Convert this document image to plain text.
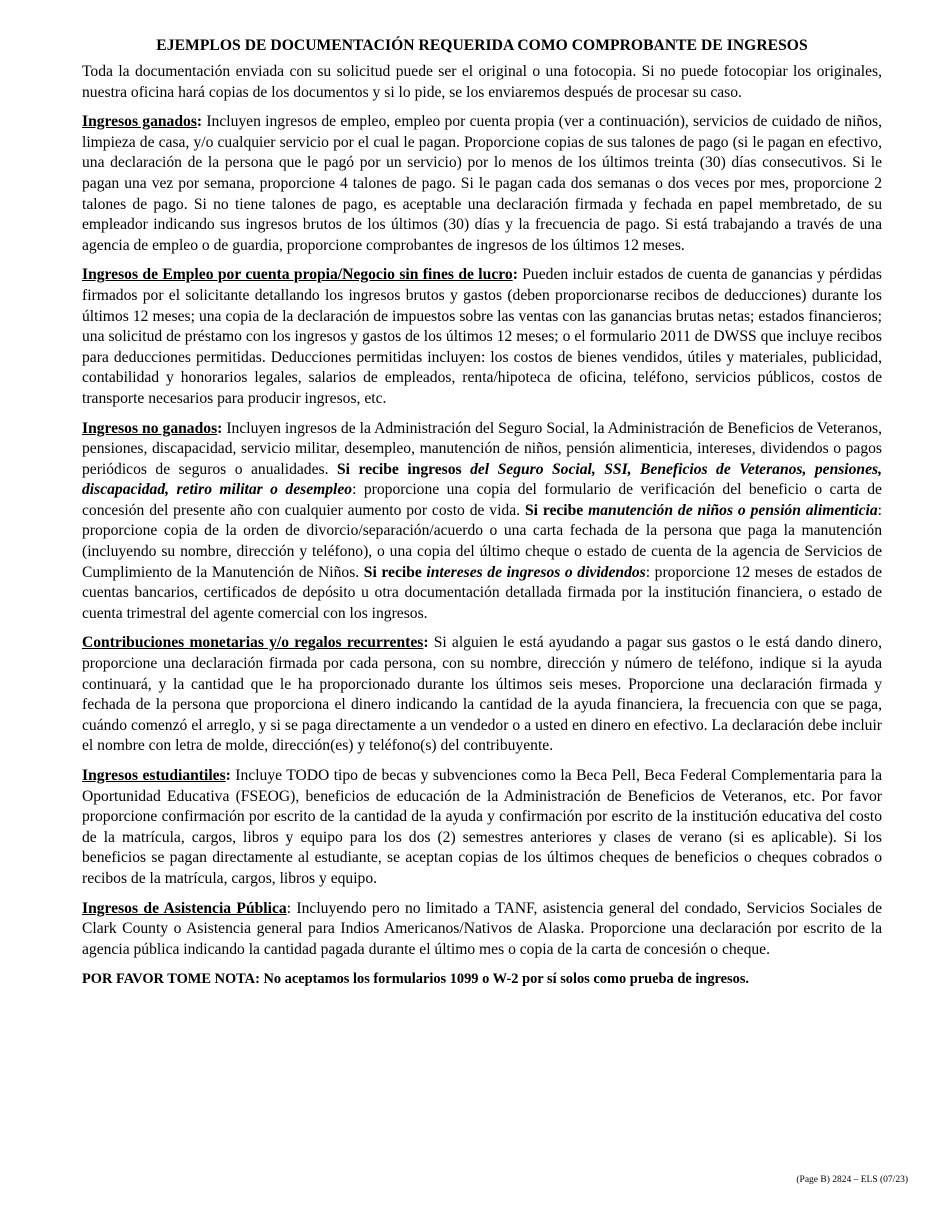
EJEMPLOS DE DOCUMENTACIÓN REQUERIDA COMO COMPROBANTE DE INGRESOS

Toda la documentación enviada con su solicitud puede ser el original o una fotocopia. Si no puede fotocopiar los originales, nuestra oficina hará copias de los documentos y si lo pide, se los enviaremos después de procesar su caso.

Ingresos ganados: Incluyen ingresos de empleo, empleo por cuenta propia (ver a continuación), servicios de cuidado de niños, limpieza de casa, y/o cualquier servicio por el cual le pagan. Proporcione copias de sus talones de pago (si le pagan en efectivo, una declaración de la persona que le pagó por un servicio) por lo menos de los últimos treinta (30) días consecutivos. Si le pagan una vez por semana, proporcione 4 talones de pago. Si le pagan cada dos semanas o dos veces por mes, proporcione 2 talones de pago. Si no tiene talones de pago, es aceptable una declaración firmada y fechada en papel membretado, de su empleador indicando sus ingresos brutos de los últimos (30) días y la frecuencia de pago. Si está trabajando a través de una agencia de empleo o de guardia, proporcione comprobantes de ingresos de los últimos 12 meses.

Ingresos de Empleo por cuenta propia/Negocio sin fines de lucro: Pueden incluir estados de cuenta de ganancias y pérdidas firmados por el solicitante detallando los ingresos brutos y gastos (deben proporcionarse recibos de deducciones) durante los últimos 12 meses; una copia de la declaración de impuestos sobre las ventas con las ganancias brutas netas; estados financieros; una solicitud de préstamo con los ingresos y gastos de los últimos 12 meses; o el formulario 2011 de DWSS que incluye recibos para deducciones permitidas. Deducciones permitidas incluyen: los costos de bienes vendidos, útiles y materiales, publicidad, contabilidad y honorarios legales, salarios de empleados, renta/hipoteca de oficina, teléfono, servicios públicos, costos de transporte necesarios para producir ingresos, etc.

Ingresos no ganados: Incluyen ingresos de la Administración del Seguro Social, la Administración de Beneficios de Veteranos, pensiones, discapacidad, servicio militar, desempleo, manutención de niños, pensión alimenticia, intereses, dividendos o pagos periódicos de seguros o anualidades. Si recibe ingresos del Seguro Social, SSI, Beneficios de Veteranos, pensiones, discapacidad, retiro militar o desempleo: proporcione una copia del formulario de verificación del beneficio o carta de concesión del presente año con cualquier aumento por costo de vida. Si recibe manutención de niños o pensión alimenticia: proporcione copia de la orden de divorcio/separación/acuerdo o una carta fechada de la persona que paga la manutención (incluyendo su nombre, dirección y teléfono), o una copia del último cheque o estado de cuenta de la agencia de Servicios de Cumplimiento de la Manutención de Niños. Si recibe intereses de ingresos o dividendos: proporcione 12 meses de estados de cuentas bancarios, certificados de depósito u otra documentación detallada firmada por la institución financiera, o estado de cuenta trimestral del agente comercial con los ingresos.

Contribuciones monetarias y/o regalos recurrentes: Si alguien le está ayudando a pagar sus gastos o le está dando dinero, proporcione una declaración firmada por cada persona, con su nombre, dirección y número de teléfono, indique si la ayuda continuará, y la cantidad que le ha proporcionado durante los últimos seis meses. Proporcione una declaración firmada y fechada de la persona que proporciona el dinero indicando la cantidad de la ayuda financiera, la frecuencia con que se paga, cuándo comenzó el arreglo, y si se paga directamente a un vendedor o a usted en dinero en efectivo. La declaración debe incluir el nombre con letra de molde, dirección(es) y teléfono(s) del contribuyente.

Ingresos estudiantiles: Incluye TODO tipo de becas y subvenciones como la Beca Pell, Beca Federal Complementaria para la Oportunidad Educativa (FSEOG), beneficios de educación de la Administración de Beneficios de Veteranos, etc. Por favor proporcione confirmación por escrito de la cantidad de la ayuda y confirmación por escrito de la institución educativa del costo de la matrícula, cargos, libros y equipo para los dos (2) semestres anteriores y clases de verano (si es aplicable). Si los beneficios se pagan directamente al estudiante, se aceptan copias de los últimos cheques de beneficios o cheques cobrados o recibos de la matrícula, cargos, libros y equipo.

Ingresos de Asistencia Pública: Incluyendo pero no limitado a TANF, asistencia general del condado, Servicios Sociales de Clark County o Asistencia general para Indios Americanos/Nativos de Alaska. Proporcione una declaración por escrito de la agencia pública indicando la cantidad pagada durante el último mes o copia de la carta de concesión o cheque.

POR FAVOR TOME NOTA: No aceptamos los formularios 1099 o W-2 por sí solos como prueba de ingresos.

(Page B) 2824 – ELS (07/23)
